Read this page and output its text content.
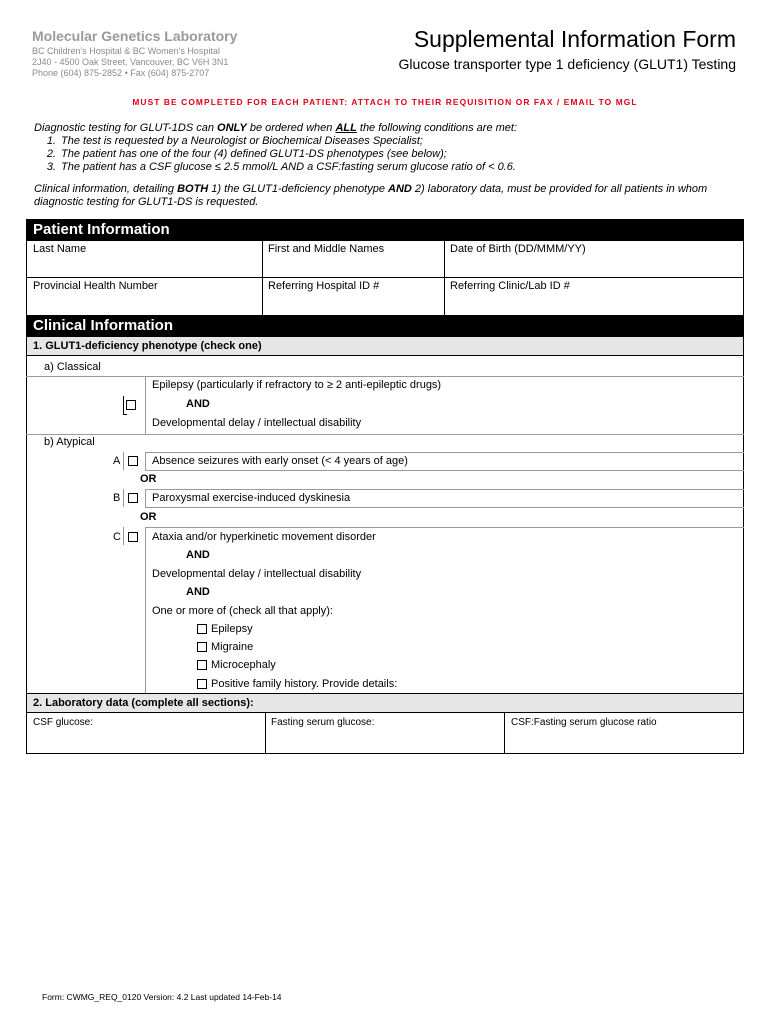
Molecular Genetics Laboratory
BC Children's Hospital & BC Women's Hospital
2J40 - 4500 Oak Street, Vancouver, BC V6H 3N1
Phone (604) 875-2852 • Fax (604) 875-2707
Supplemental Information Form
Glucose transporter type 1 deficiency (GLUT1) Testing
MUST BE COMPLETED FOR EACH PATIENT: ATTACH TO THEIR REQUISITION OR FAX / EMAIL TO MGL
Diagnostic testing for GLUT-1DS can ONLY be ordered when ALL the following conditions are met:
1. The test is requested by a Neurologist or Biochemical Diseases Specialist;
2. The patient has one of the four (4) defined GLUT1-DS phenotypes (see below);
3. The patient has a CSF glucose ≤ 2.5 mmol/L AND a CSF:fasting serum glucose ratio of < 0.6.
Clinical information, detailing BOTH 1) the GLUT1-deficiency phenotype AND 2) laboratory data, must be provided for all patients in whom
diagnostic testing for GLUT1-DS is requested.
Patient Information
Last Name	First and Middle Names	Date of Birth (DD/MMM/YY)
Provincial Health Number	Referring Hospital ID #	Referring Clinic/Lab ID #
Clinical Information
1. GLUT1-deficiency phenotype (check one)
a) Classical
Epilepsy (particularly if refractory to ≥ 2 anti-epileptic drugs)
AND
Developmental delay / intellectual disability
b) Atypical
A	Absence seizures with early onset (< 4 years of age)
OR
B	Paroxysmal exercise-induced dyskinesia
OR
C	Ataxia and/or hyperkinetic movement disorder
AND
Developmental delay / intellectual disability
AND
One or more of (check all that apply):
Epilepsy
Migraine
Microcephaly
Positive family history. Provide details:
2. Laboratory data (complete all sections):
CSF glucose:	Fasting serum glucose:	CSF:Fasting serum glucose ratio
Form: CWMG_REQ_0120 Version: 4.2 Last updated 14-Feb-14
